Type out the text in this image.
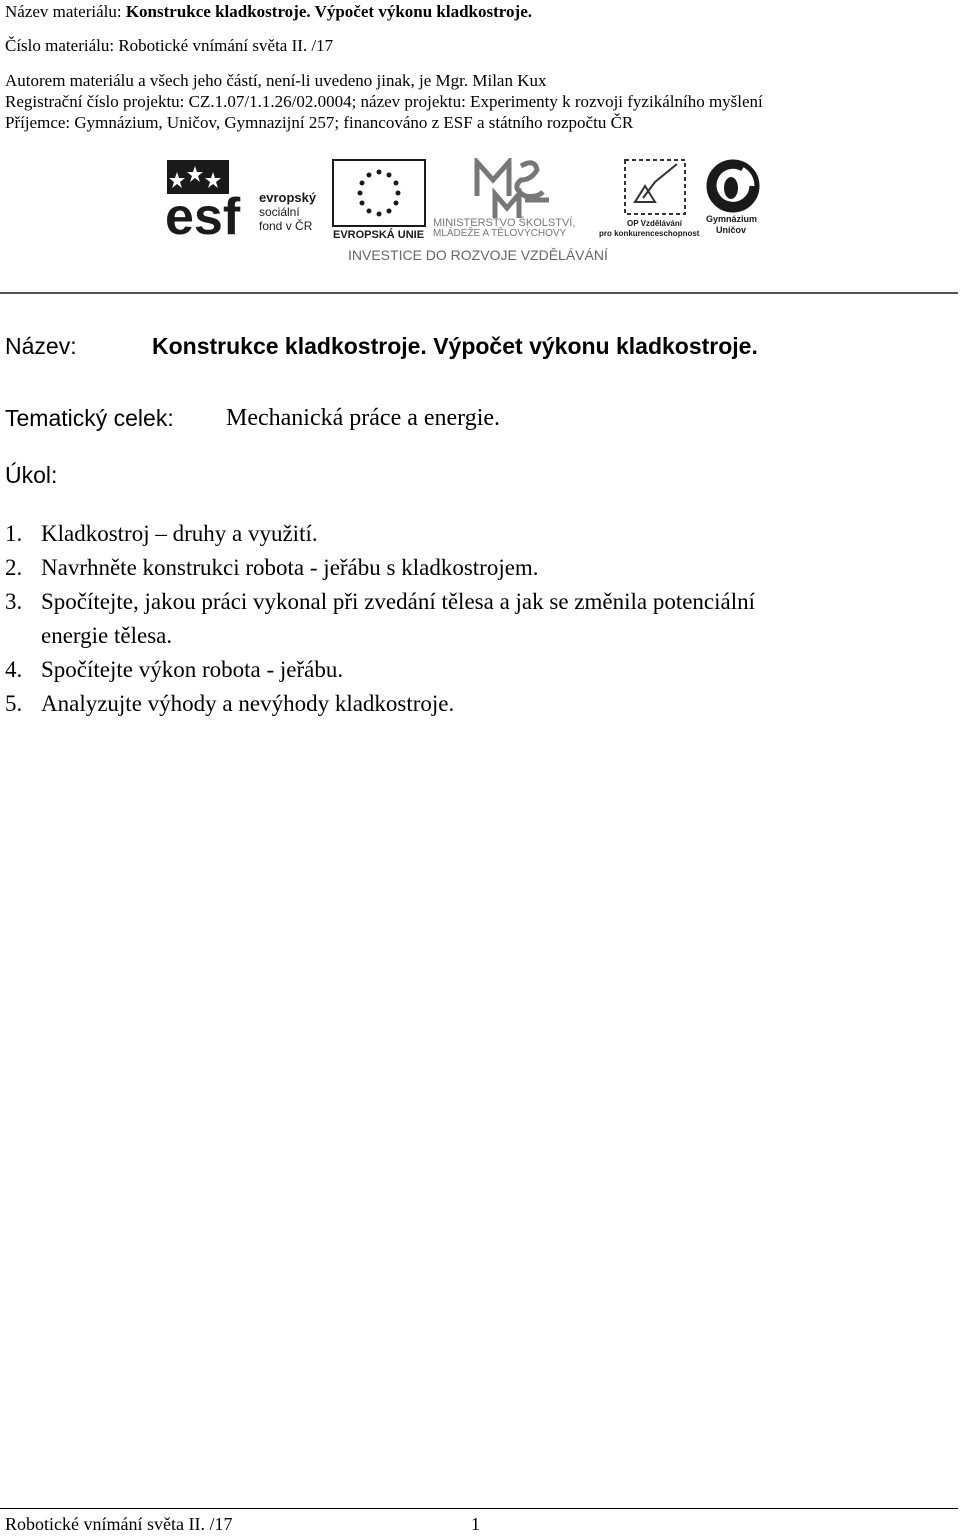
Název materiálu: Konstrukce kladkostroje. Výpočet výkonu kladkostroje.
Číslo materiálu: Robotické vnímání světa II. /17
Autorem materiálu a všech jeho částí, není-li uvedeno jinak, je Mgr. Milan Kux
Registrační číslo projektu: CZ.1.07/1.1.26/02.0004; název projektu: Experimenty k rozvoji fyzikálního myšlení
Příjemce: Gymnázium, Uničov, Gymnazijní 257; financováno z ESF a státního rozpočtu ČR
esf evropský
sociální
fond v ČR
EVROPSKÁ UNIE
MINISTERSTVO ŠKOLSTVÍ,
MLÁDEŽE A TĚLOVÝCHOVY
OP Vzdělávání
pro konkurenceschopnost
Gymnázium
Uničov
INVESTICE DO ROZVOJE VZDĚLÁVÁNÍ
Název:	Konstrukce kladkostroje. Výpočet výkonu kladkostroje.
Tematický celek: Mechanická práce a energie.
Úkol:
1. Kladkostroj – druhy a využití.
2. Navrhněte konstrukci robota - jeřábu s kladkostrojem.
3. Spočítejte, jakou práci vykonal při zvedání tělesa a jak se změnila potenciální
energie tělesa.
4. Spočítejte výkon robota - jeřábu.
5. Analyzujte výhody a nevýhody kladkostroje.
Robotické vnímání světa II. /17	1
